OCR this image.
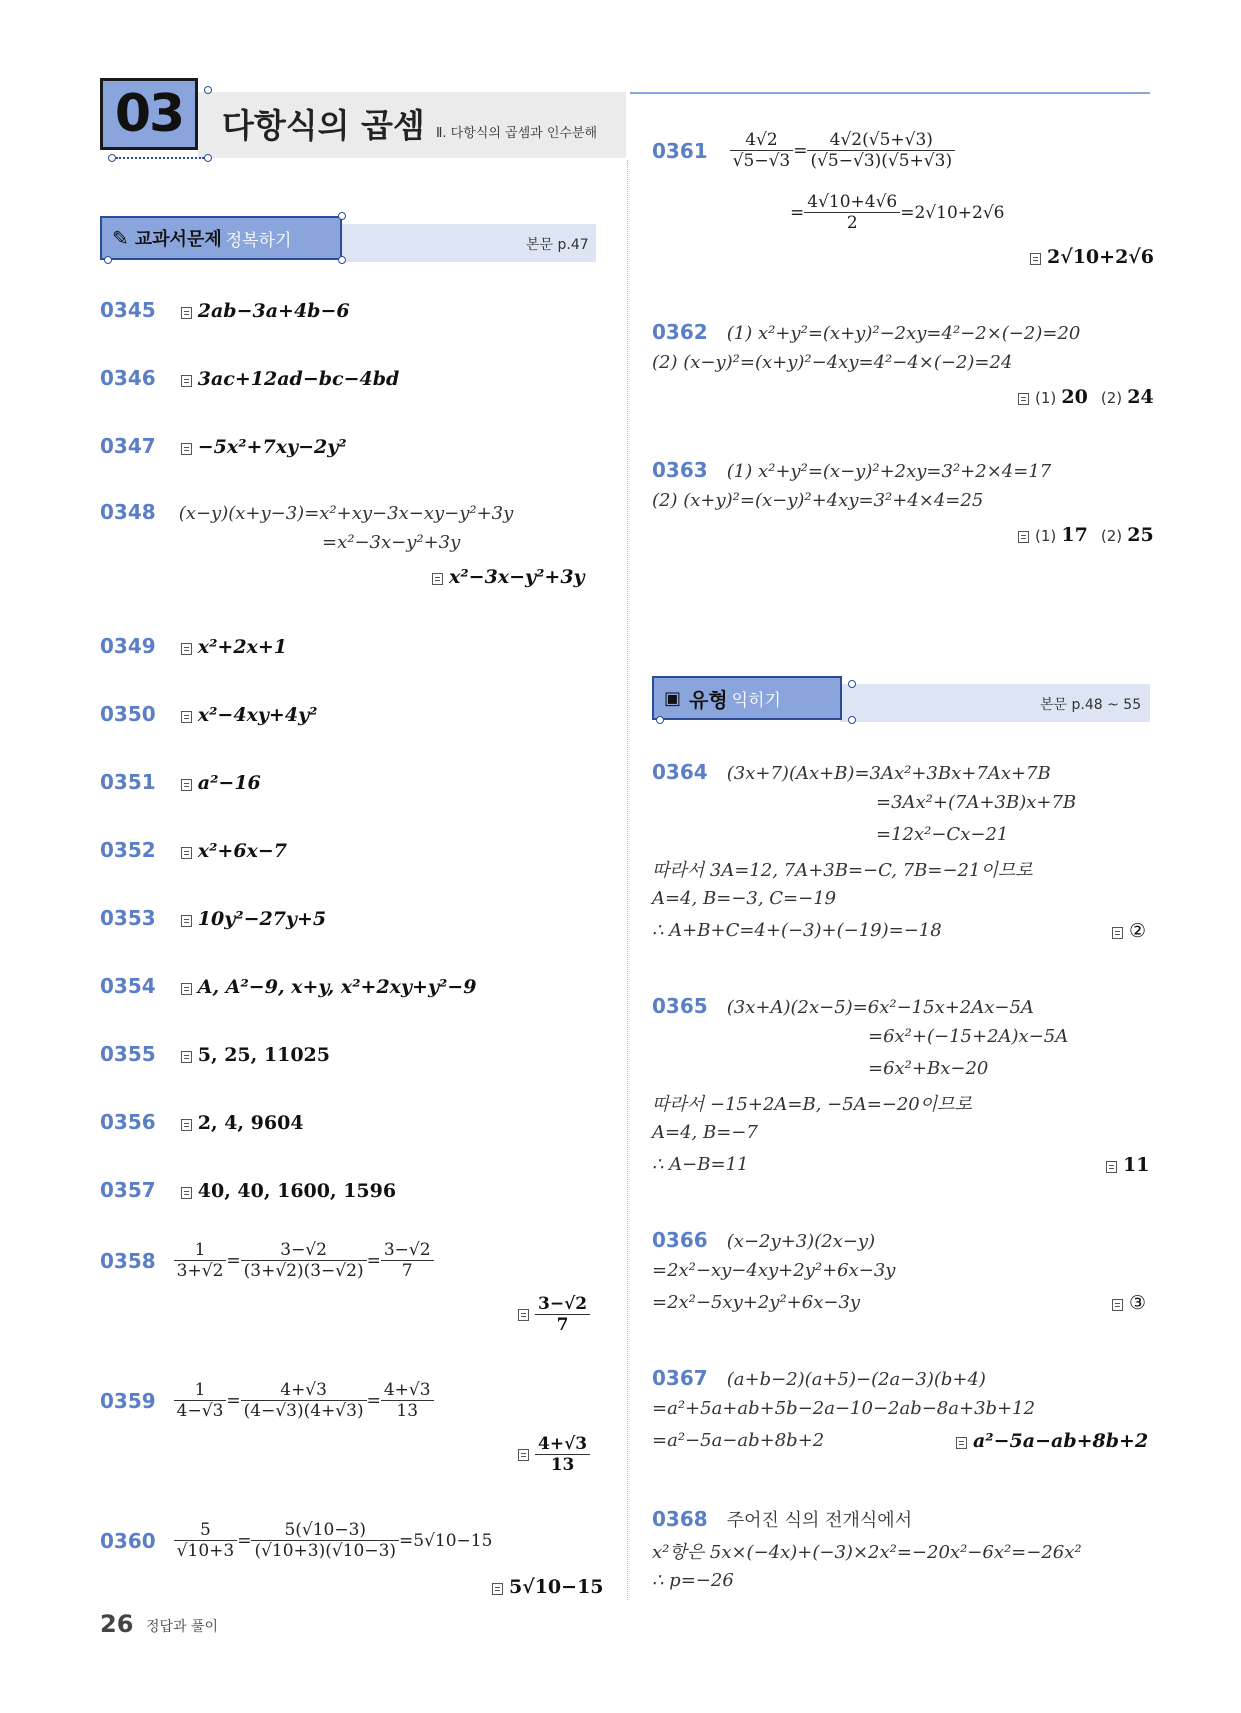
03 다항식의 곱셈 Ⅱ. 다항식의 곱셈과 인수분해
✎ 교과서문제 정복하기	본문 p.47
0345 2ab−3a+4b−6
0346 3ac+12ad−bc−4bd
0347 −5x²+7xy−2y²
0348 (x−y)(x+y−3)=x²+xy−3x−xy−y²+3y
=x²−3x−y²+3y
x²−3x−y²+3y
0349 x²+2x+1
0350 x²−4xy+4y²
0351 a²−16
0352 x²+6x−7
0353 10y²−27y+5
0354 A, A²−9, x+y, x²+2xy+y²−9
0355 5, 25, 11025
0356 2, 4, 9604
0357 40, 40, 1600, 1596
$0358 \frac{1}{3+√2} = \frac{3-√2}{(3+√2)(3-√2)} = \frac{3-√2}{7}$
$\frac{3-√2}{7}$
$0359 \frac{1}{4-√3} = \frac{4+√3}{(4-√3)(4+√3)} = \frac{4+√3}{13}$
$\frac{4+√3}{13}$
$0360 \frac{5}{√10+3} = \frac{5(√10-3)}{(√10+3)(√10-3)} =5√10-15$
5√10−15
$0361 \frac{4√2}{√5-√3} = \frac{4√2(√5+√3)}{(√5-√3)(√5+√3)}$
= $\frac{4√10+4√6}{2} =2√10+2√6$
2√10+2√6
0362 (1) x²+y²=(x+y)²−2xy=4²−2×(−2)=20
(2) (x−y)²=(x+y)²−4xy=4²−4×(−2)=24
(1) 20 (2) 24
0363 (1) x²+y²=(x−y)²+2xy=3²+2×4=17
(2) (x+y)²=(x−y)²+4xy=3²+4×4=25
(1) 17 (2) 25
▣ 유형 익히기	본문 p.48 ~ 55
0364 (3x+7)(Ax+B)=3Ax²+3Bx+7Ax+7B
=3Ax²+(7A+3B)x+7B
=12x²−Cx−21
따라서 3A=12, 7A+3B=−C, 7B=−21이므로
A=4, B=−3, C=−19
∴ A+B+C=4+(−3)+(−19)=−18	②
0365 (3x+A)(2x−5)=6x²−15x+2Ax−5A
=6x²+(−15+2A)x−5A
=6x²+Bx−20
따라서 −15+2A=B, −5A=−20이므로
A=4, B=−7
∴ A−B=11	11
0366 (x−2y+3)(2x−y)
=2x²−xy−4xy+2y²+6x−3y
=2x²−5xy+2y²+6x−3y	③
0367 (a+b−2)(a+5)−(2a−3)(b+4)
=a²+5a+ab+5b−2a−10−2ab−8a+3b+12
=a²−5a−ab+8b+2	a²−5a−ab+8b+2
0368 주어진 식의 전개식에서
x²항은 5x×(−4x)+(−3)×2x²=−20x²−6x²=−26x²
∴ p=−26
26 정답과 풀이
